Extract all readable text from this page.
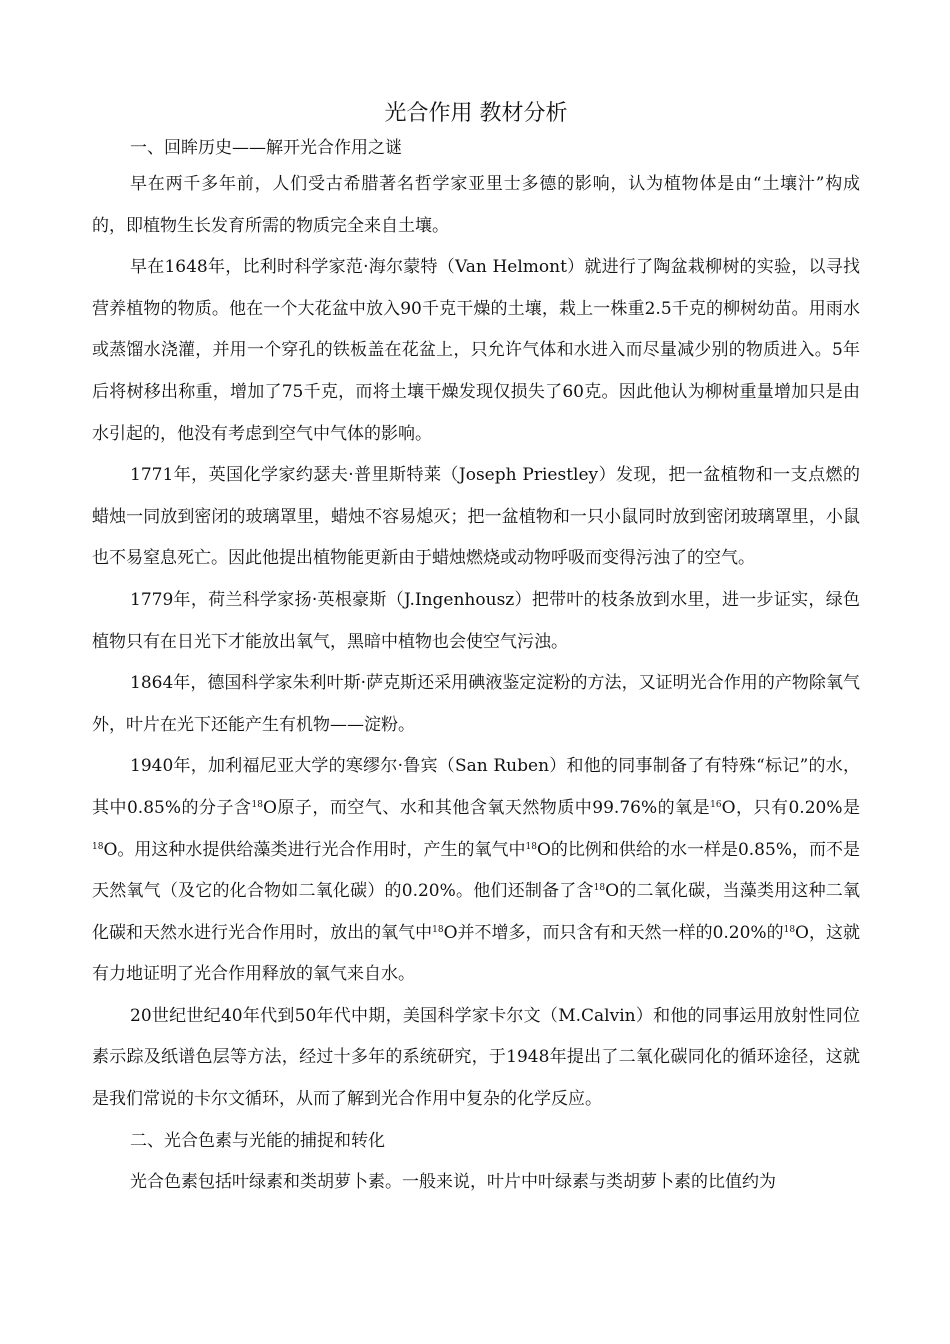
光合作用 教材分析

一、回眸历史——解开光合作用之谜

早在两千多年前，人们受古希腊著名哲学家亚里士多德的影响，认为植物体是由“土壤汁”构成的，即植物生长发育所需的物质完全来自土壤。

早在1648年，比利时科学家范·海尔蒙特（Van Helmont）就进行了陶盆栽柳树的实验，以寻找营养植物的物质。他在一个大花盆中放入90千克干燥的土壤，栽上一株重2.5千克的柳树幼苗。用雨水或蒸馏水浇灌，并用一个穿孔的铁板盖在花盆上，只允许气体和水进入而尽量减少别的物质进入。5年后将树移出称重，增加了75千克，而将土壤干燥发现仅损失了60克。因此他认为柳树重量增加只是由水引起的，他没有考虑到空气中气体的影响。

1771年，英国化学家约瑟夫·普里斯特莱（Joseph Priestley）发现，把一盆植物和一支点燃的蜡烛一同放到密闭的玻璃罩里，蜡烛不容易熄灭；把一盆植物和一只小鼠同时放到密闭玻璃罩里，小鼠也不易窒息死亡。因此他提出植物能更新由于蜡烛燃烧或动物呼吸而变得污浊了的空气。

1779年，荷兰科学家扬·英根豪斯（J.Ingenhousz）把带叶的枝条放到水里，进一步证实，绿色植物只有在日光下才能放出氧气，黑暗中植物也会使空气污浊。

1864年，德国科学家朱利叶斯·萨克斯还采用碘液鉴定淀粉的方法，又证明光合作用的产物除氧气外，叶片在光下还能产生有机物——淀粉。

1940年，加利福尼亚大学的寒缪尔·鲁宾（San Ruben）和他的同事制备了有特殊“标记”的水，其中0.85%的分子含$^{18}$O原子，而空气、水和其他含氧天然物质中99.76%的氧是$^{16}$O，只有0.20%是$^{18}$O。用这种水提供给藻类进行光合作用时，产生的氧气中$^{18}$O的比例和供给的水一样是0.85%，而不是天然氧气（及它的化合物如二氧化碳）的0.20%。他们还制备了含$^{18}$O的二氧化碳，当藻类用这种二氧化碳和天然水进行光合作用时，放出的氧气中$^{18}$O并不增多，而只含有和天然一样的0.20%的$^{18}$O，这就有力地证明了光合作用释放的氧气来自水。

20世纪世纪40年代到50年代中期，美国科学家卡尔文（M.Calvin）和他的同事运用放射性同位素示踪及纸谱色层等方法，经过十多年的系统研究，于1948年提出了二氧化碳同化的循环途径，这就是我们常说的卡尔文循环，从而了解到光合作用中复杂的化学反应。

二、光合色素与光能的捕捉和转化

光合色素包括叶绿素和类胡萝卜素。一般来说，叶片中叶绿素与类胡萝卜素的比值约为
